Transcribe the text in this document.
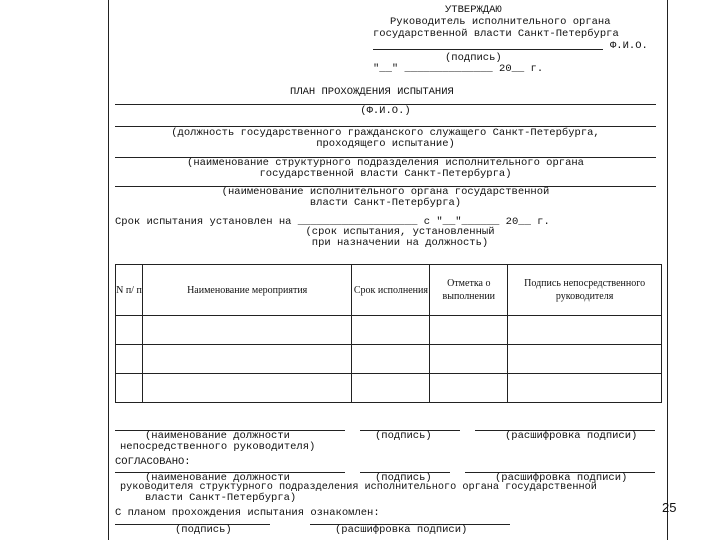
УТВЕРЖДАЮ
Руководитель исполнительного органа
государственной власти Санкт-Петербурга
Ф.И.О.
(подпись)
"__" ______________ 20__ г.
ПЛАН ПРОХОЖДЕНИЯ ИСПЫТАНИЯ
(Ф.И.О.)
(должность государственного гражданского служащего Санкт-Петербурга,
проходящего испытание)
(наименование структурного подразделения исполнительного органа
государственной власти Санкт-Петербурга)
(наименование исполнительного органа государственной
власти Санкт-Петербурга)
Срок испытания установлен на ___________________ с "__"______ 20__ г.
(срок испытания, установленный
при назначении на должность)
N п/ п	Наименование мероприятия	Срок исполнения	Отметка о выполнении	Подпись непосредственного руководителя

(наименование должности	(подпись)	(расшифровка подписи)
непосредственного руководителя)
СОГЛАСОВАНО:
(наименование должности	(подпись)	(расшифровка подписи)
руководителя структурного подразделения исполнительного органа государственной
власти Санкт-Петербурга)
С планом прохождения испытания ознакомлен:
(подпись)	(расшифровка подписи)
25
